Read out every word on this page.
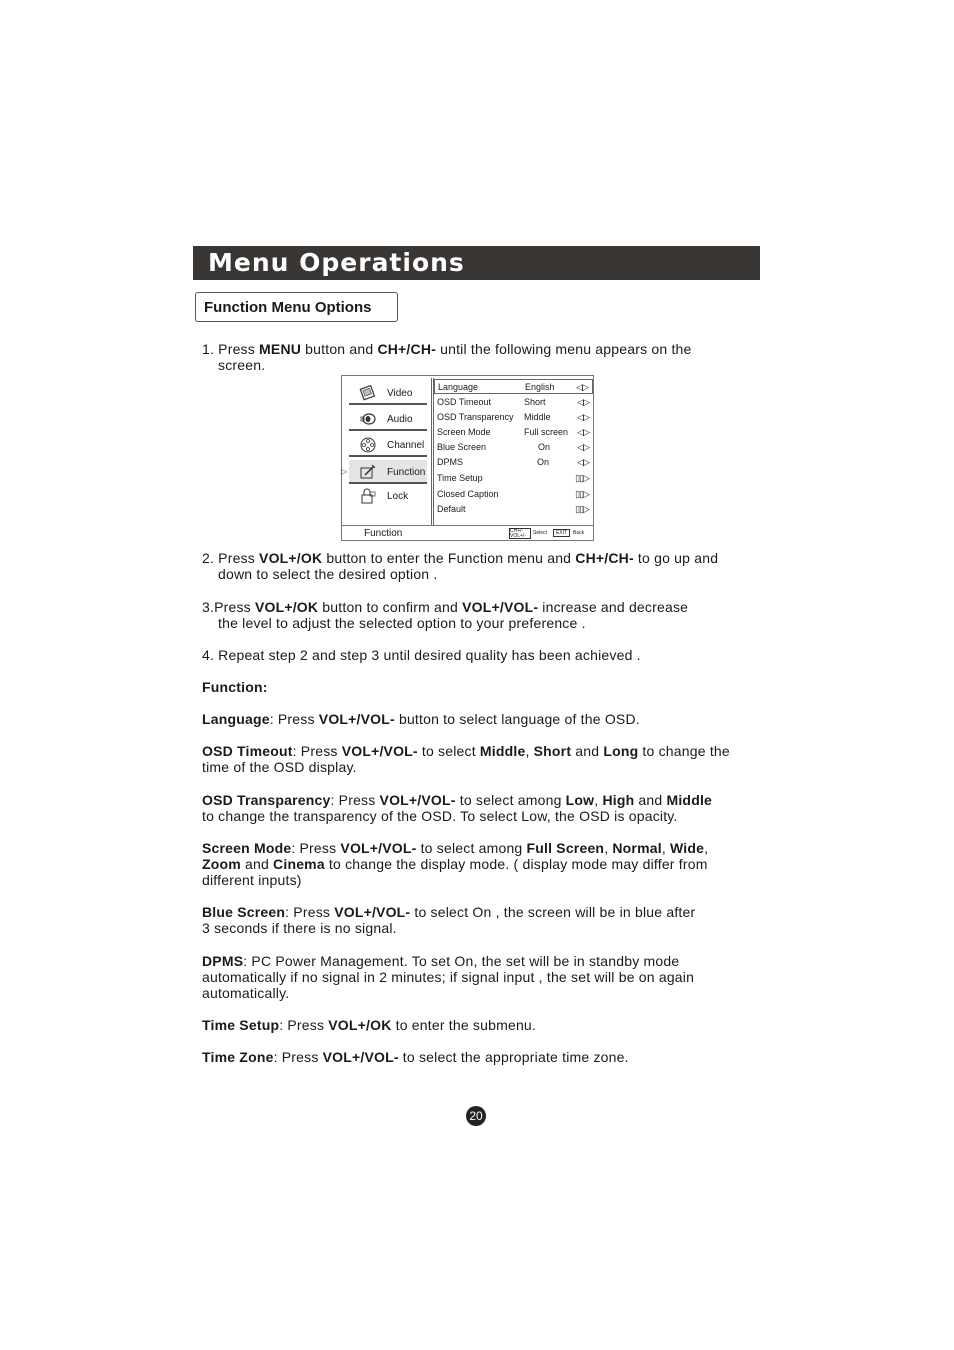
Menu Operations
Function Menu Options
1. Press MENU button and CH+/CH- until the following menu appears on the
screen.
Video
Audio
Channel
▷	Function
Lock
Language	English	◁▷
OSD Timeout	Short	◁▷
OSD Transparency Middle	◁▷
Screen Mode	Full screen	◁▷
Blue Screen	On	◁▷
DPMS	On	◁▷
Time Setup	▯▯▷
Closed Caption	▯▯▷
Default	▯▯▷
Function	CH+/-
VOL+/-	Select	EXIT	Back
2. Press VOL+/OK button to enter the Function menu and CH+/CH- to go up and
down to select the desired option .
3.Press VOL+/OK button to confirm and VOL+/VOL- increase and decrease
the level to adjust the selected option to your preference .
4. Repeat step 2 and step 3 until desired quality has been achieved .
Function:
Language: Press VOL+/VOL- button to select language of the OSD.
OSD Timeout: Press VOL+/VOL- to select Middle, Short and Long to change the
time of the OSD display.
OSD Transparency: Press VOL+/VOL- to select among Low, High and Middle
to change the transparency of the OSD. To select Low, the OSD is opacity.
Screen Mode: Press VOL+/VOL- to select among Full Screen, Normal, Wide,
Zoom and Cinema to change the display mode. ( display mode may differ from
different inputs)
Blue Screen: Press VOL+/VOL- to select On , the screen will be in blue after
3 seconds if there is no signal.
DPMS: PC Power Management. To set On, the set will be in standby mode
automatically if no signal in 2 minutes; if signal input , the set will be on again
automatically.
Time Setup: Press VOL+/OK to enter the submenu.
Time Zone: Press VOL+/VOL- to select the appropriate time zone.
20
